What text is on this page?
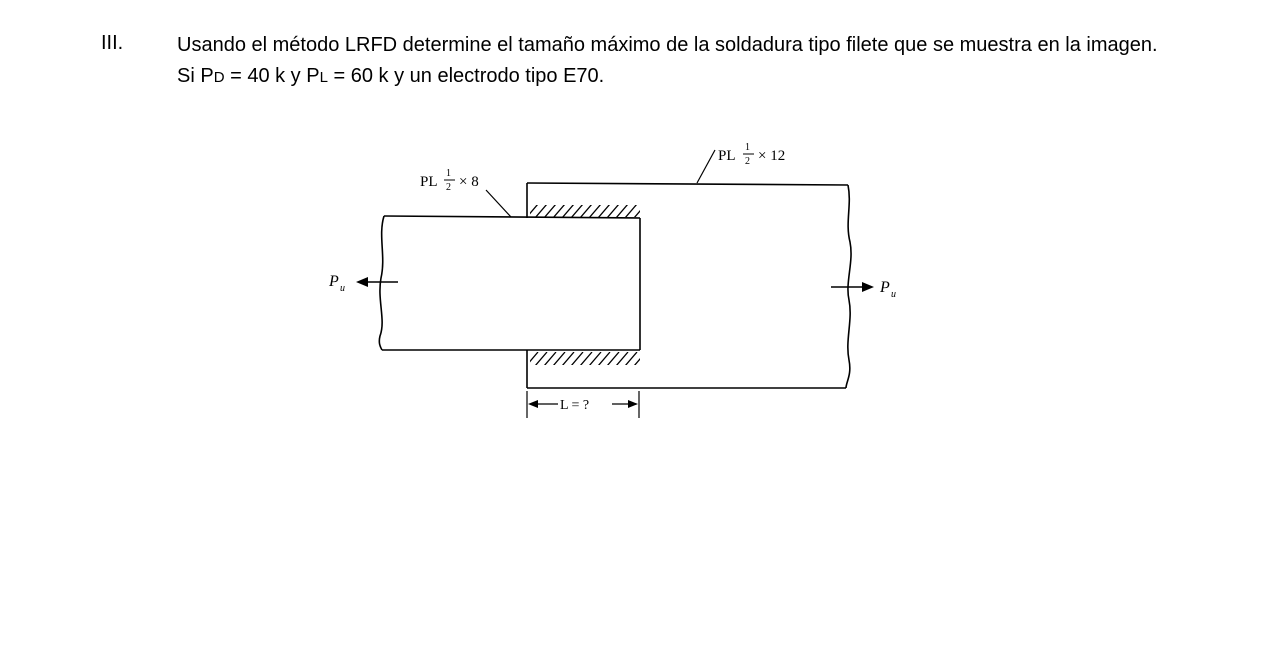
III.	Usando el método LRFD determine el tamaño máximo de la soldadura tipo filete que se muestra en la imagen. Si PD = 40 k y PL = 60 k y un electrodo tipo E70.
PL
1
2 × 8
PL
1
2 × 12
P u	P u
L = ?
